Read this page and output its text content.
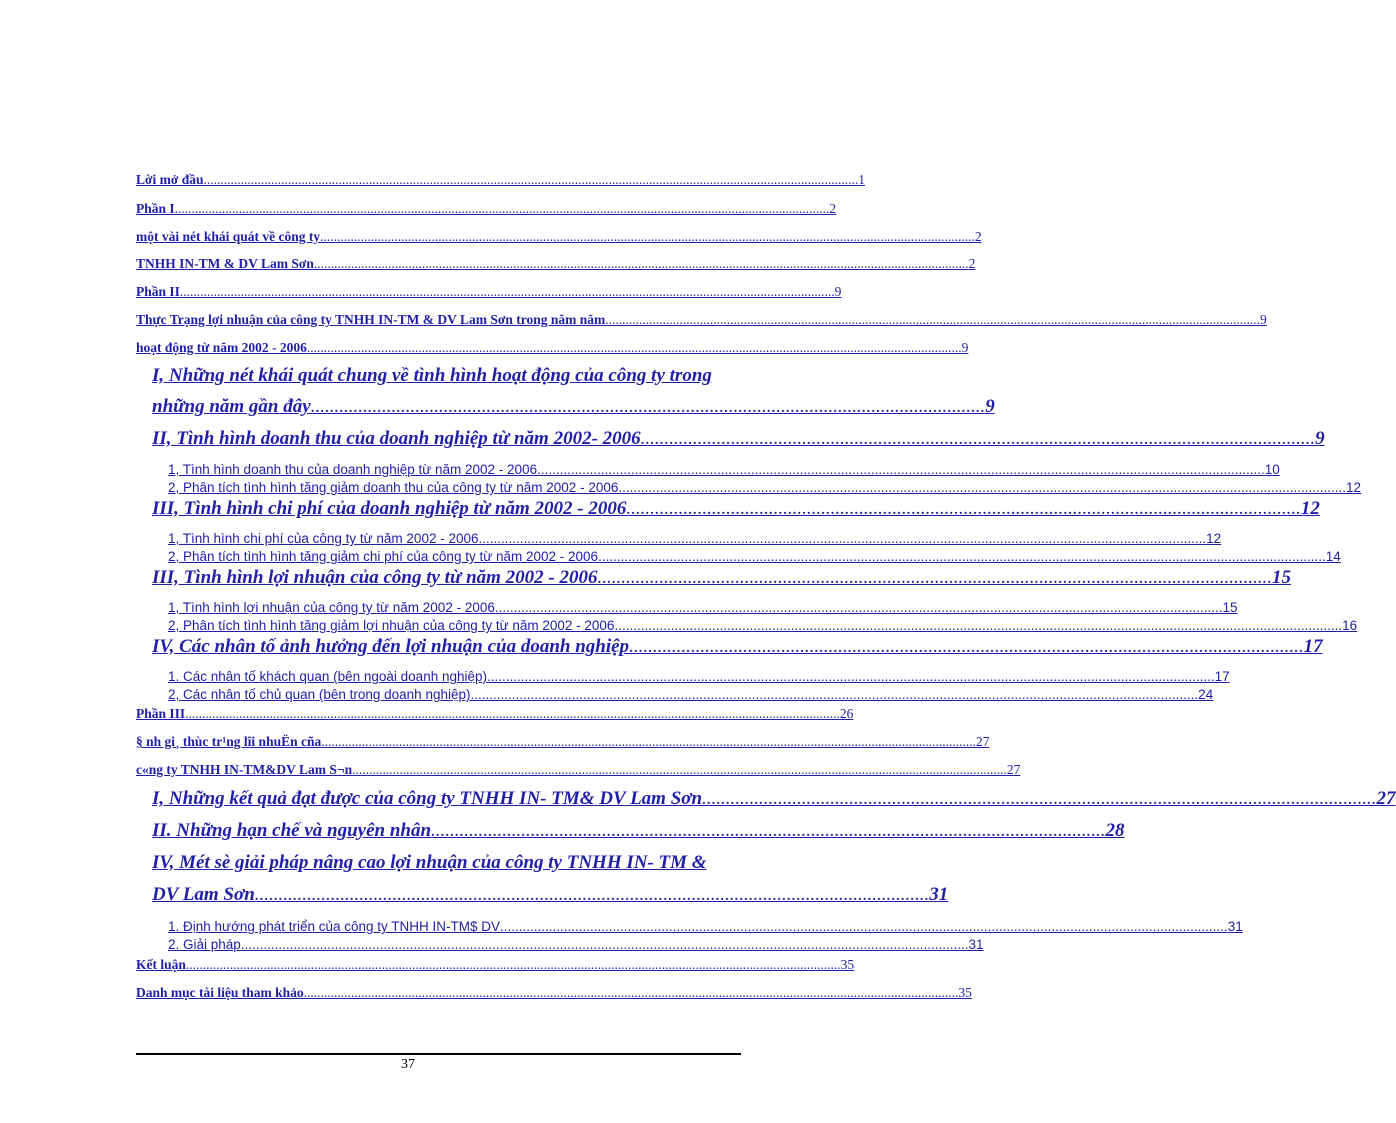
Lời mở đầu .................................................................................................................................................................................................. 1
Phần I .................................................................................................................................................................................................. 2
một vài nét khái quát về công ty .................................................................................................................................................................................................. 2
TNHH IN-TM & DV Lam Sơn .................................................................................................................................................................................................. 2
Phần II .................................................................................................................................................................................................. 9
Thực Trạng lợi nhuận của công ty TNHH IN-TM & DV Lam Sơn trong năm năm .................................................................................................................................................................................................. 9
hoạt động từ năm 2002 - 2006 .................................................................................................................................................................................................. 9
I, Những nét khái quát chung về tình hình hoạt động của công ty trong
những năm gần đây .............................................................................................................................................. 9
II, Tình hình doanh thu của doanh nghiệp từ năm 2002- 2006 .............................................................................................................................................. 9
1, Tình hình doanh thu của doanh nghiệp từ năm 2002 - 2006 .................................................................................................................................................................................................. 10
2, Phân tích tình hình tăng giảm doanh thu của công ty từ năm 2002 - 2006 .................................................................................................................................................................................................. 12
III, Tình hình chi phí của doanh nghiệp từ năm 2002 - 2006 .............................................................................................................................................. 12
1, Tình hình chi phí của công ty từ năm 2002 - 2006 .................................................................................................................................................................................................. 12
2, Phân tích tình hình tăng giảm chi phí của công ty từ năm 2002 - 2006 .................................................................................................................................................................................................. 14
III, Tình hình lợi nhuận của công ty từ năm 2002 - 2006 .............................................................................................................................................. 15
1, Tình hình lợi nhuận của công ty từ năm 2002 - 2006 .................................................................................................................................................................................................. 15
2, Phân tích tình hình tăng giảm lợi nhuận của công ty từ năm 2002 - 2006 .................................................................................................................................................................................................. 16
IV, Các nhân tố ảnh hưởng đến lợi nhuận của doanh nghiệp .............................................................................................................................................. 17
1. Các nhân tố khách quan (bên ngoài doanh nghiệp) .................................................................................................................................................................................................. 17
2, Các nhân tố chủ quan (bên trong doanh nghiệp) .................................................................................................................................................................................................. 24
Phần III .................................................................................................................................................................................................. 26
§ nh gi¸ thùc tr¹ng lîi nhuËn cña .................................................................................................................................................................................................. 27
c«ng ty TNHH IN-TM&DV Lam S¬n .................................................................................................................................................................................................. 27
I, Những kết quả đạt được của công ty TNHH IN- TM& DV Lam Sơn .............................................................................................................................................. 27
II. Những hạn chế và nguyên nhân .............................................................................................................................................. 28
IV, Mét sè giải pháp nâng cao lợi nhuận của công ty TNHH IN- TM &
DV Lam Sơn .............................................................................................................................................. 31
1. Định hướng phát triển của công ty TNHH IN-TM$ DV .................................................................................................................................................................................................. 31
2. Giải pháp .................................................................................................................................................................................................. 31
Kết luận .................................................................................................................................................................................................. 35
Danh mục tài liệu tham khảo .................................................................................................................................................................................................. 35
37
